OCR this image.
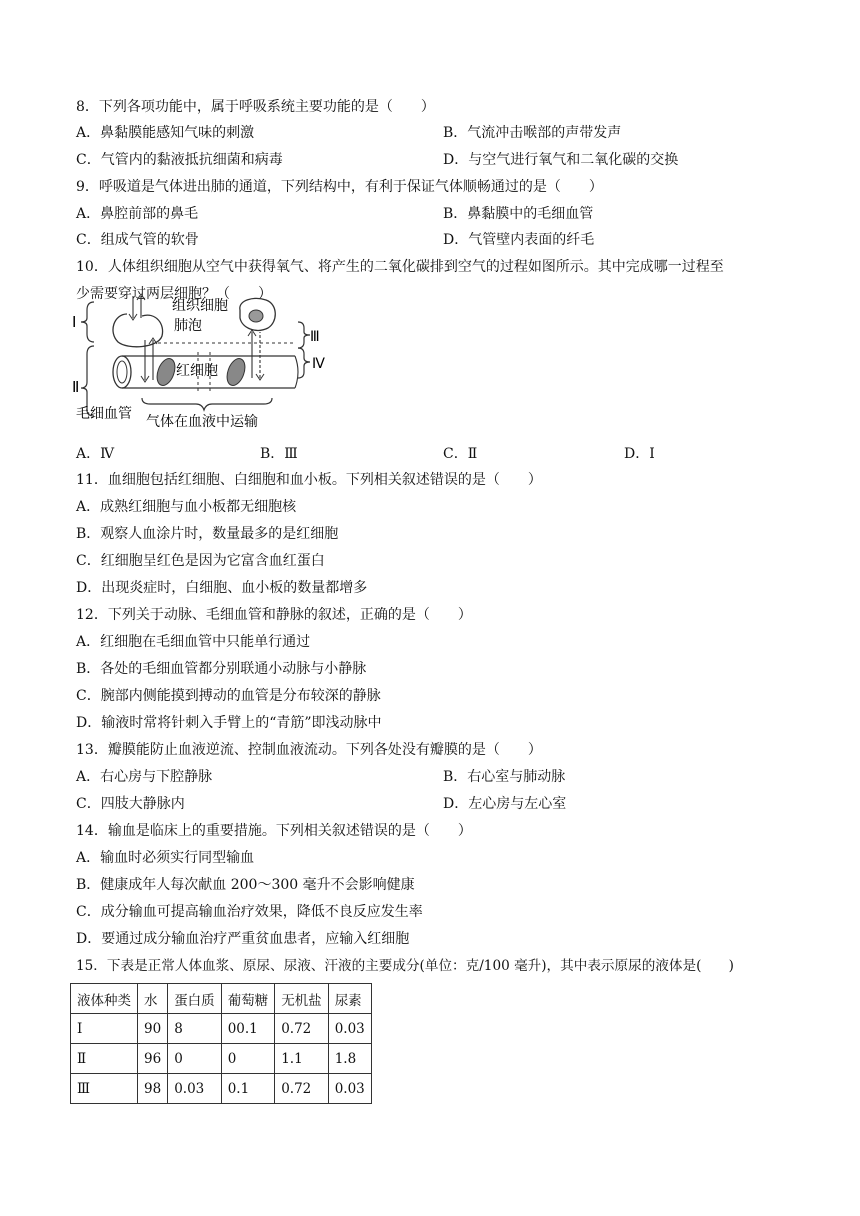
8．下列各项功能中，属于呼吸系统主要功能的是（　　）
A．鼻黏膜能感知气味的刺激	B．气流冲击喉部的声带发声
C．气管内的黏液抵抗细菌和病毒	D．与空气进行氧气和二氧化碳的交换
9．呼吸道是气体进出肺的通道，下列结构中，有利于保证气体顺畅通过的是（　　）
A．鼻腔前部的鼻毛	B．鼻黏膜中的毛细血管
C．组成气管的软骨	D．气管壁内表面的纤毛
10．人体组织细胞从空气中获得氧气、将产生的二氧化碳排到空气的过程如图所示。其中完成哪一过程至
少需要穿过两层细胞？（　　）
Ⅰ
Ⅱ
肺泡
组织细胞
Ⅲ
Ⅳ
红细胞
毛细血管 气体在血液中运输
A．Ⅳ	B．Ⅲ	C．Ⅱ	D．Ⅰ
11．血细胞包括红细胞、白细胞和血小板。下列相关叙述错误的是（　　）
A．成熟红细胞与血小板都无细胞核
B．观察人血涂片时，数量最多的是红细胞
C．红细胞呈红色是因为它富含血红蛋白
D．出现炎症时，白细胞、血小板的数量都增多
12．下列关于动脉、毛细血管和静脉的叙述，正确的是（　　）
A．红细胞在毛细血管中只能单行通过
B．各处的毛细血管都分别联通小动脉与小静脉
C．腕部内侧能摸到搏动的血管是分布较深的静脉
D．输液时常将针刺入手臂上的“青筋”即浅动脉中
13．瓣膜能防止血液逆流、控制血液流动。下列各处没有瓣膜的是（　　）
A．右心房与下腔静脉	B．右心室与肺动脉
C．四肢大静脉内	D．左心房与左心室
14．输血是临床上的重要措施。下列相关叙述错误的是（　　）
A．输血时必须实行同型输血
B．健康成年人每次献血 200～300 毫升不会影响健康
C．成分输血可提高输血治疗效果，降低不良反应发生率
D．要通过成分输血治疗严重贫血患者，应输入红细胞
15．下表是正常人体血浆、原尿、尿液、汗液的主要成分(单位：克/100 毫升)，其中表示原尿的液体是(　　)
液体种类	水	蛋白质	葡萄糖	无机盐	尿素
Ⅰ	90	8	00.1	0.72	0.03
Ⅱ	96	0	0	1.1	1.8
Ⅲ	98	0.03	0.1	0.72	0.03
